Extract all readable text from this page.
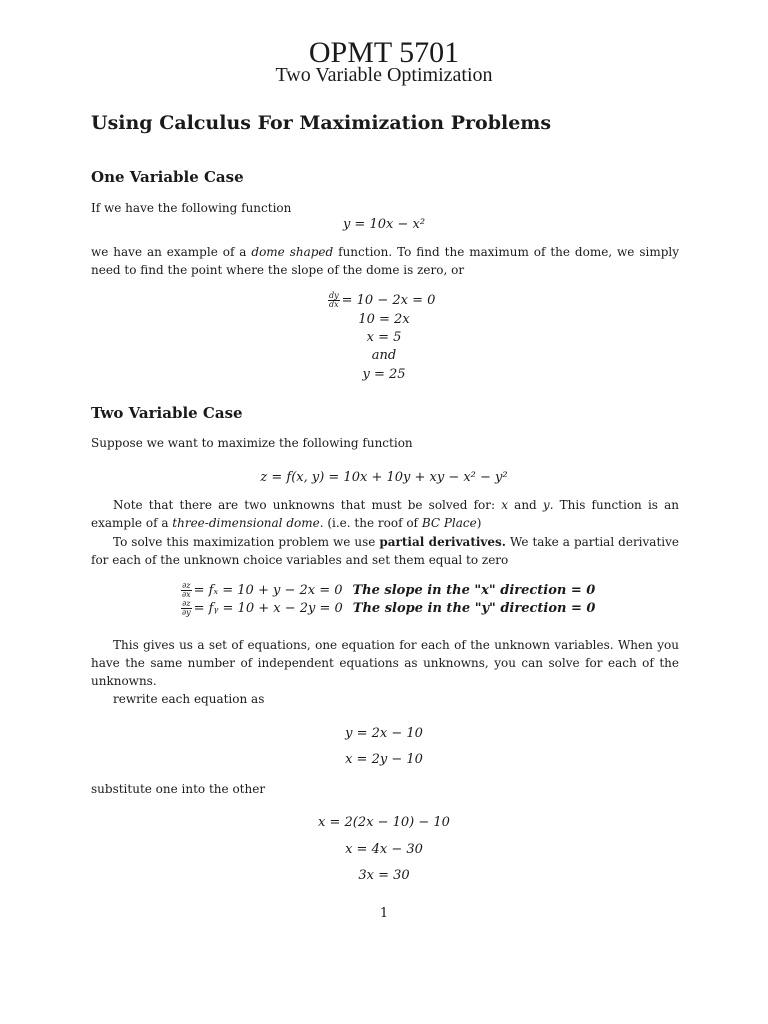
OPMT 5701
Two Variable Optimization
Using Calculus For Maximization Problems
One Variable Case
If we have the following function
y = 10x − x²
we have an example of a dome shaped function. To find the maximum of the dome, we simply need to find the point where the slope of the dome is zero, or
$\frac{dy}{dx} = 10 - 2x = 0$
10 = 2x
x = 5
and
y = 25
Two Variable Case
Suppose we want to maximize the following function
z = f(x, y) = 10x + 10y + xy − x² − y²
Note that there are two unknowns that must be solved for: x and y. This function is an example of a three-dimensional dome. (i.e. the roof of BC Place)
To solve this maximization problem we use partial derivatives. We take a partial derivative for each of the unknown choice variables and set them equal to zero
$\frac{\partial z}{\partial x} = f_x = 10 + y - 2x = 0$ The slope in the "x" direction = 0
$\frac{\partial z}{\partial y}$ = fᵧ = 10 + x − 2y = 0 The slope in the "y" direction = 0
This gives us a set of equations, one equation for each of the unknown variables. When you have the same number of independent equations as unknowns, you can solve for each of the unknowns.
rewrite each equation as
y = 2x − 10
x = 2y − 10
substitute one into the other
x = 2(2x − 10) − 10
x = 4x − 30
3x = 30
1
